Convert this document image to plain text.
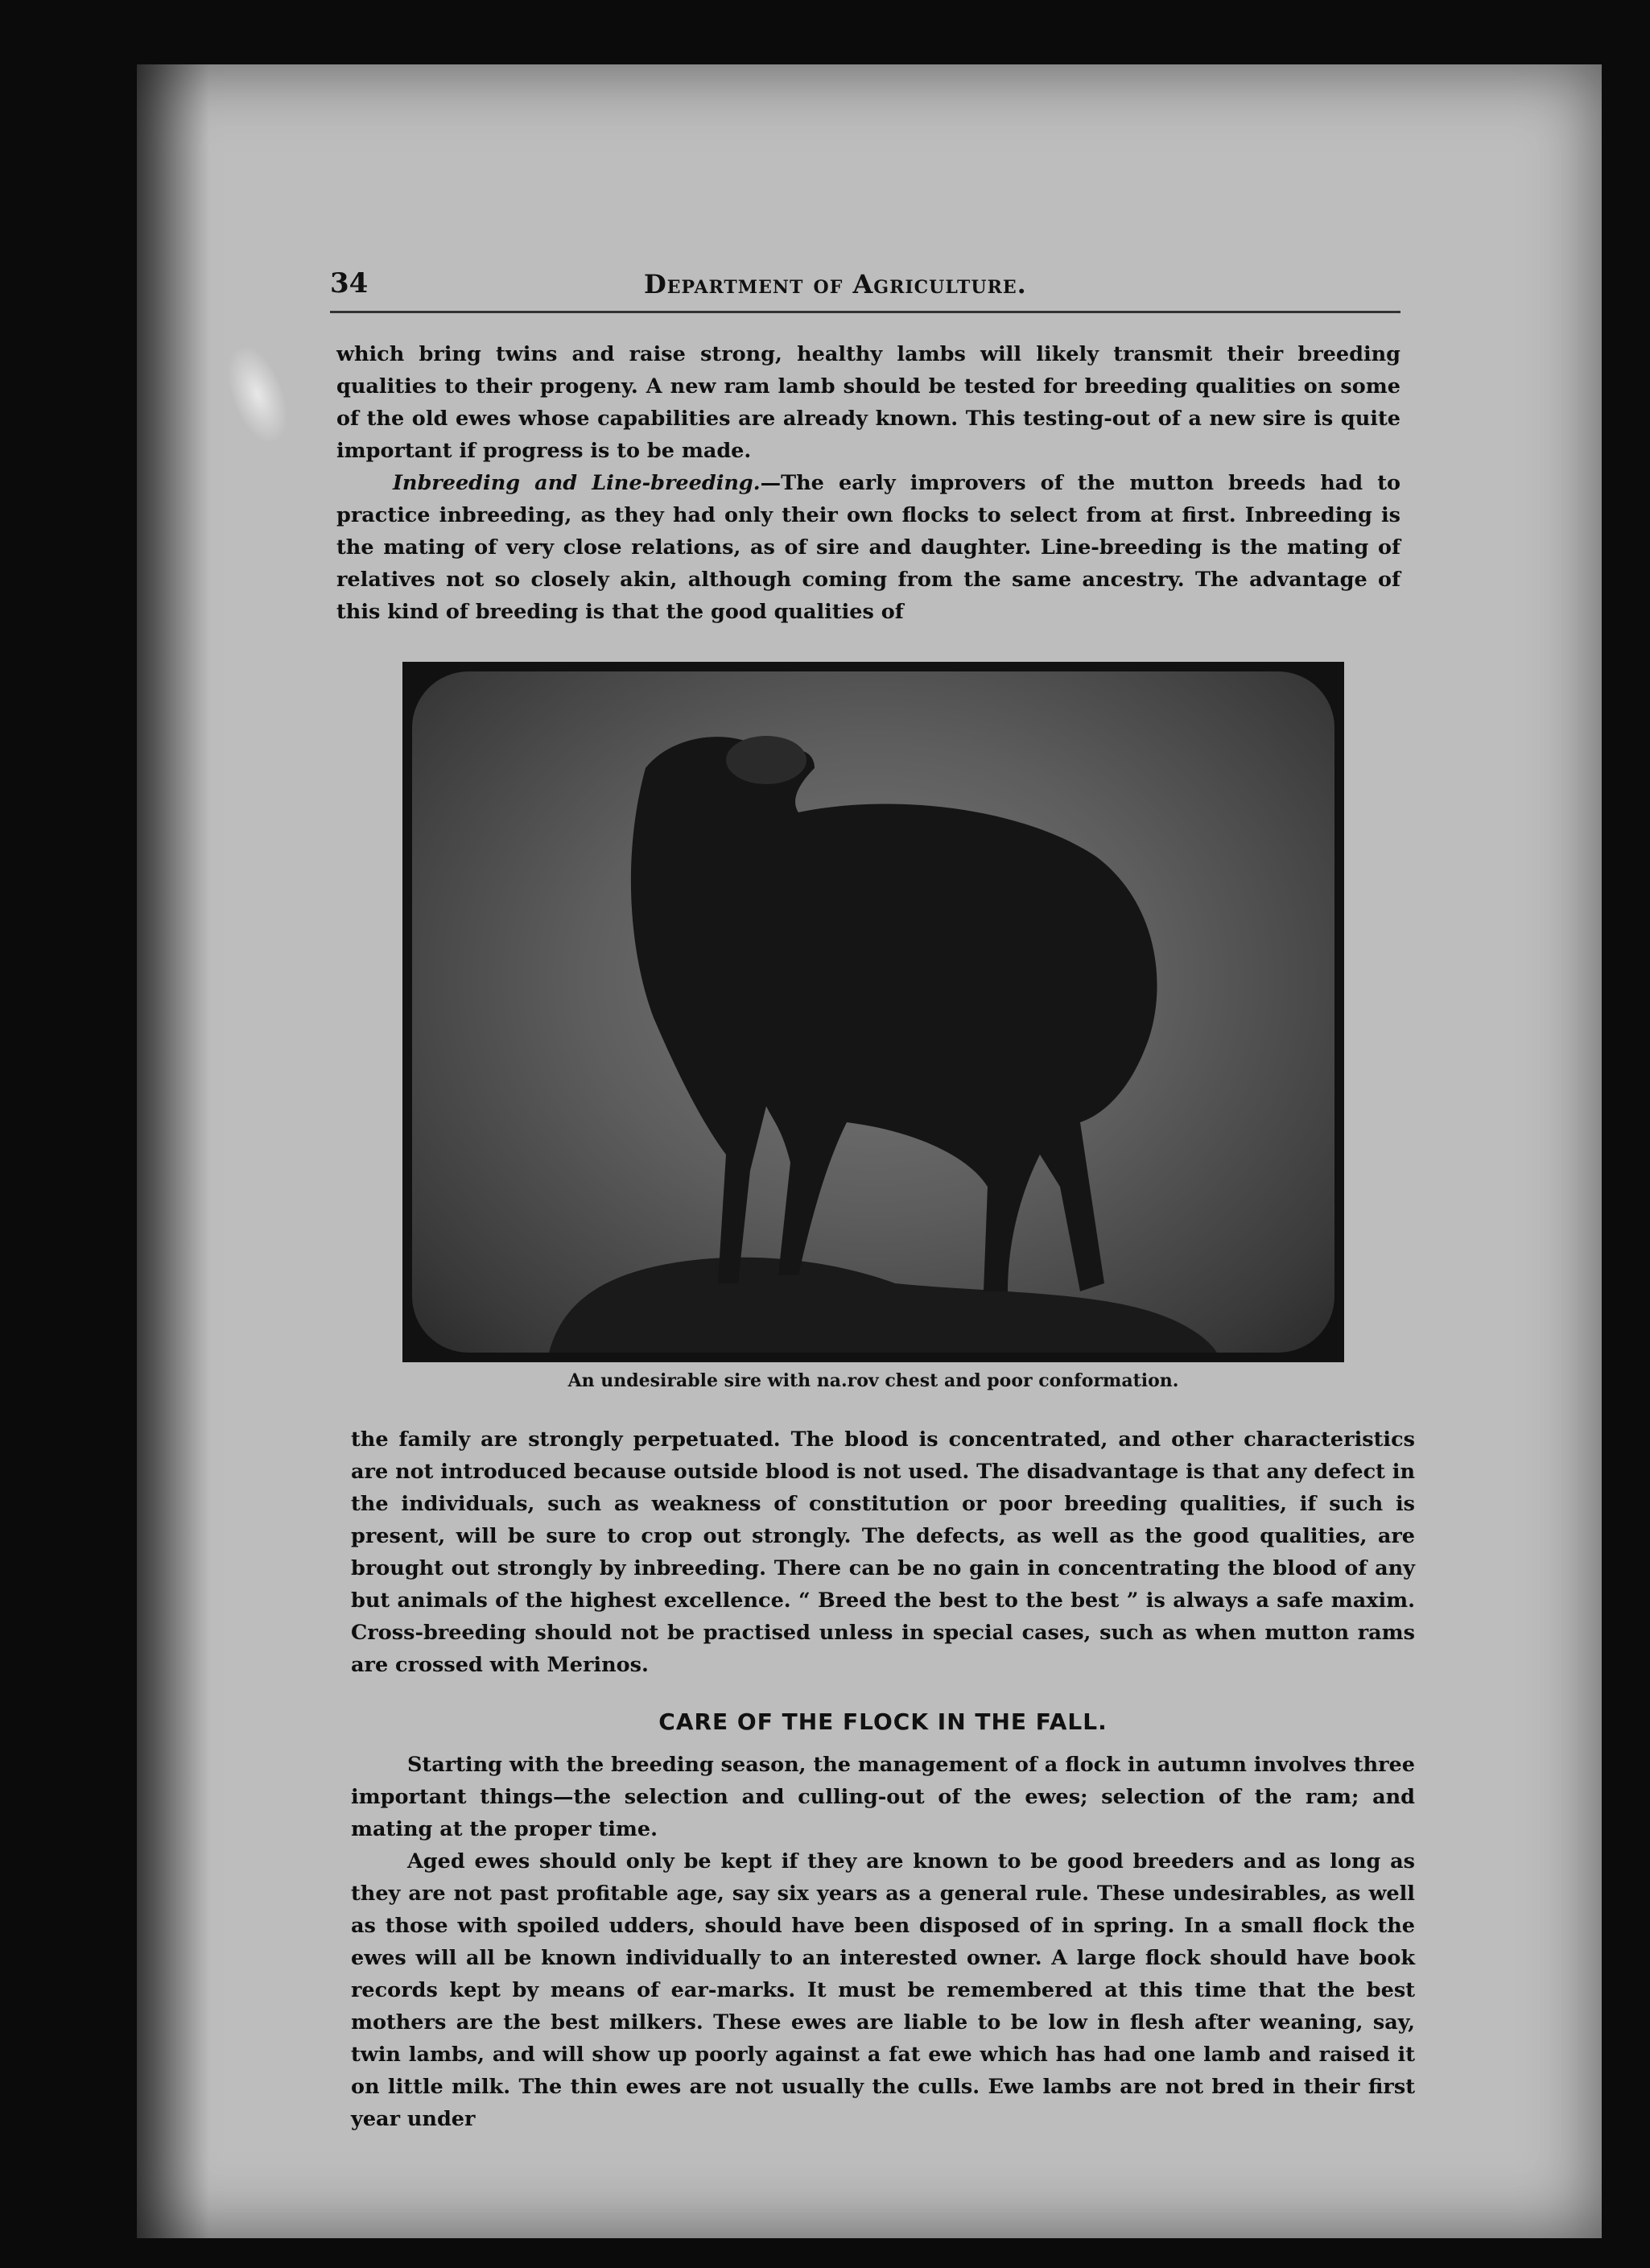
34	Department of Agriculture.

which bring twins and raise strong, healthy lambs will likely transmit their breeding qualities to their progeny. A new ram lamb should be tested for breeding qualities on some of the old ewes whose capabilities are already known. This testing-out of a new sire is quite important if progress is to be made.

Inbreeding and Line-breeding.—The early improvers of the mutton breeds had to practice inbreeding, as they had only their own flocks to select from at first. Inbreeding is the mating of very close relations, as of sire and daughter. Line-breeding is the mating of relatives not so closely akin, although coming from the same ancestry. The advantage of this kind of breeding is that the good qualities of

An undesirable sire with na.rov chest and poor conformation.

the family are strongly perpetuated. The blood is concentrated, and other characteristics are not introduced because outside blood is not used. The disadvantage is that any defect in the individuals, such as weakness of constitution or poor breeding qualities, if such is present, will be sure to crop out strongly. The defects, as well as the good qualities, are brought out strongly by inbreeding. There can be no gain in concentrating the blood of any but animals of the highest excellence. “ Breed the best to the best ” is always a safe maxim. Cross-breeding should not be practised unless in special cases, such as when mutton rams are crossed with Merinos.

CARE OF THE FLOCK IN THE FALL.

Starting with the breeding season, the management of a flock in autumn involves three important things—the selection and culling-out of the ewes; selection of the ram; and mating at the proper time.

Aged ewes should only be kept if they are known to be good breeders and as long as they are not past profitable age, say six years as a general rule. These undesirables, as well as those with spoiled udders, should have been disposed of in spring. In a small flock the ewes will all be known individually to an interested owner. A large flock should have book records kept by means of ear-marks. It must be remembered at this time that the best mothers are the best milkers. These ewes are liable to be low in flesh after weaning, say, twin lambs, and will show up poorly against a fat ewe which has had one lamb and raised it on little milk. The thin ewes are not usually the culls. Ewe lambs are not bred in their first year under
